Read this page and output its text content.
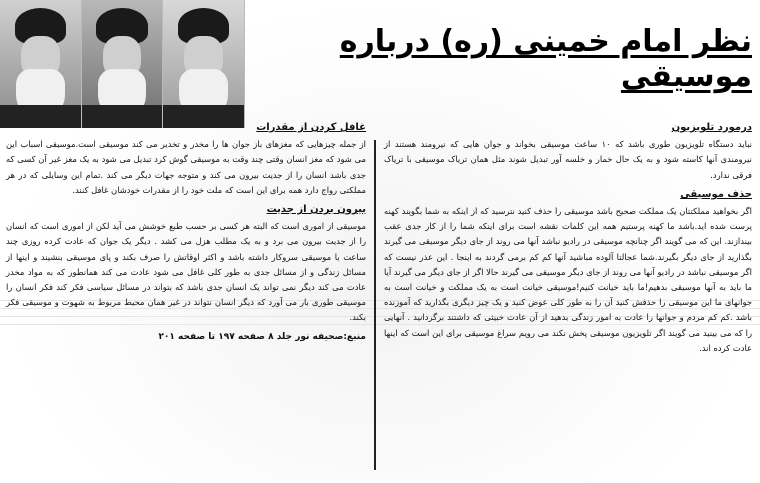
نظر امام خمینی (ره) درباره موسیقی
درمورد تلویزیون

نباید دستگاه تلویزیون طوری باشد که ۱۰ ساعت موسیقی بخواند و جوان هایی که نیرومند هستند از نیرومندی آنها کاسته شود و به یک حال خمار و خلسه آور تبدیل شوند مثل همان تریاک موسیقی با تریاک فرقی ندارد.

حذف موسیقی

اگر بخواهید مملکتتان یک مملکت صحیح باشد موسیقی را حذف کنید نترسید که از اینکه به شما بگویند کهنه پرست شده اید.باشد ما کهنه پرستیم همه این کلمات نقشه است برای اینکه شما را از کار جدی عقب بیندازند. این که می گویند اگر چنانچه موسیقی در رادیو نباشد آنها می روند از جای دیگر موسیقی می گیرند بگذارید از جای دیگر بگیرند.شما عجالتا آلوده مباشید آنها کم کم برمی گردند به اینجا . این عذر نیست که اگر موسیقی نباشد در رادیو آنها می روند از جای دیگر موسیقی می گیرند حالا اگر از جای دیگر می گیرند آیا ما باید به آنها موسیقی بدهیم!ما باید خیانت کنیم!موسیقی خیانت است به یک مملکت و خیانت است به جوانهای ما این موسیقی را حذفش کنید آن را به طور کلی عوض کنید و یک چیز دیگری بگذارید که آموزنده باشد .کم کم مردم و جوانها را عادت به امور زندگی بدهید از آن عادت خبیثی که داشتند برگردانید . آنهایی را که می بینید می گویند اگر تلویزیون موسیقی پخش نکند می رویم سراغ موسیقی برای این است که اینها عادت کرده اند.

غافل کردن از مقدرات

از جمله چیزهایی که مغزهای باز جوان ها را مخدر و تخدیر می کند موسیقی است.موسیقی اسباب این می شود که مغز انسان وقتی چند وقت به موسیقی گوش کرد تبدیل می شود به یک مغز غیر آن کسی که جدی باشد انسان را از جدیت بیرون می کند و متوجه جهات دیگر می کند .تمام این وسایلی که در هر مملکتی رواج دارد همه برای این است که ملت خود را از مقدرات خودشان غافل کنند.

بیرون بردن از جدیت

موسیقی از اموری است که البته هر کسی بر حسب طبع خوشش می آید لکن از اموری است که انسان را از جدیت بیرون می برد و به یک مطلب هزل می کشد . دیگر یک جوان که عادت کرده روزی چند ساعت با موسیقی سروکار داشته باشد و اکثر اوقاتش را صرف بکند و پای موسیقی بنشیند و اینها از مسائل زندگی و از مسائل جدی به طور کلی غافل می شود عادت می کند همانطور که به مواد مخدر عادت می کند دیگر نمی تواند یک انسان جدی باشد که بتواند در مسائل سیاسی فکر کند فکر انسان را موسیقی طوری بار می آورد که دیگر انسان نتواند در غیر همان محیط مربوط به شهوت و موسیقی فکر بکند.

منبع:صحیفه نور جلد ۸ صفحه ۱۹۷ تا صفحه ۲۰۱
